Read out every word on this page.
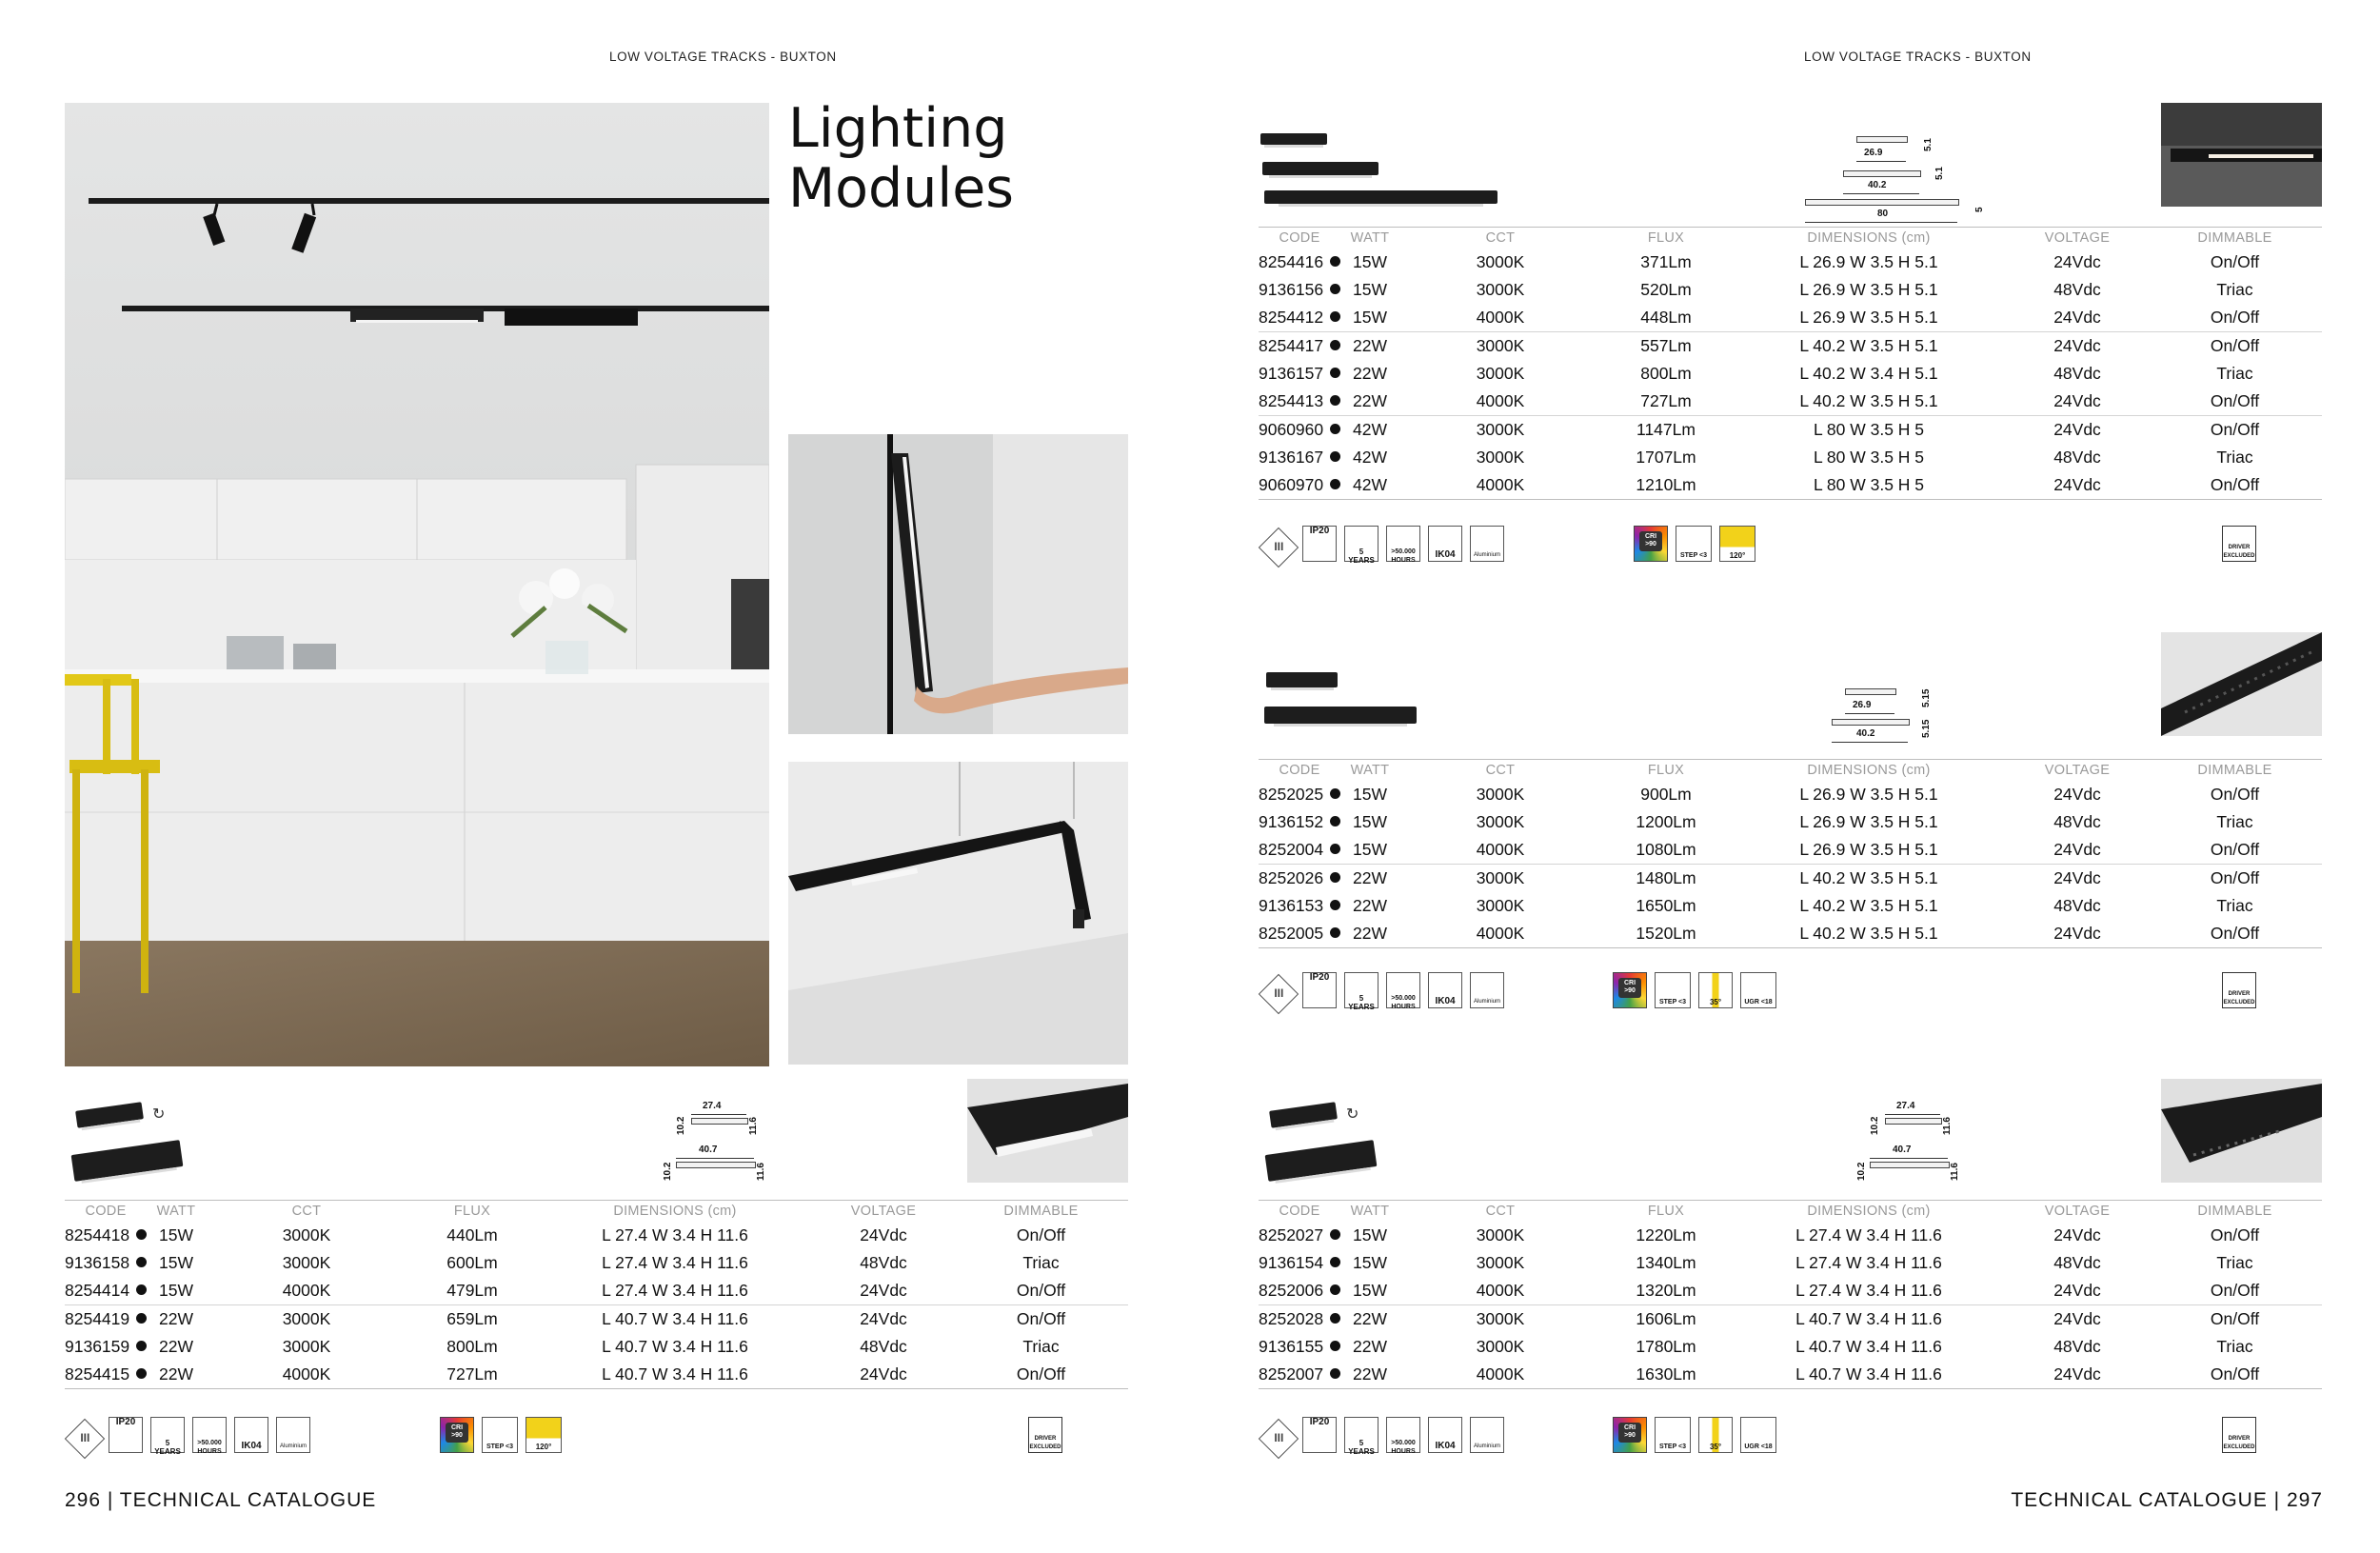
LOW VOLTAGE TRACKS - BUXTON	LOW VOLTAGE TRACKS - BUXTON
Lighting
Modules
↻
27.4
10.2	11.6
40.7
10.2	11.6
CODE	WATT	CCT	FLUX	DIMENSIONS (cm)	VOLTAGE	DIMMABLE
8254418	15W	3000K	440Lm	L 27.4 W 3.4 H 11.6	24Vdc	On/Off
9136158	15W	3000K	600Lm	L 27.4 W 3.4 H 11.6	48Vdc	Triac
8254414	15W	4000K	479Lm	L 27.4 W 3.4 H 11.6	24Vdc	On/Off
8254419	22W	3000K	659Lm	L 40.7 W 3.4 H 11.6	24Vdc	On/Off
9136159	22W	3000K	800Lm	L 40.7 W 3.4 H 11.6	48Vdc	Triac
8254415	22W	4000K	727Lm	L 40.7 W 3.4 H 11.6	24Vdc	On/Off
III
IP20
5 YEARS
>50.000 HOURS
IK04	Aluminium
CRI >90
STEP <3	120°
DRIVER EXCLUDED
296 | TECHNICAL CATALOGUE
5.1
26.9
5.1
40.2
5
80
CODE	WATT	CCT	FLUX	DIMENSIONS (cm)	VOLTAGE	DIMMABLE
8254416	15W	3000K	371Lm	L 26.9 W 3.5 H 5.1	24Vdc	On/Off
9136156	15W	3000K	520Lm	L 26.9 W 3.5 H 5.1	48Vdc	Triac
8254412	15W	4000K	448Lm	L 26.9 W 3.5 H 5.1	24Vdc	On/Off
8254417	22W	3000K	557Lm	L 40.2 W 3.5 H 5.1	24Vdc	On/Off
9136157	22W	3000K	800Lm	L 40.2 W 3.4 H 5.1	48Vdc	Triac
8254413	22W	4000K	727Lm	L 40.2 W 3.5 H 5.1	24Vdc	On/Off
9060960	42W	3000K	1147Lm	L 80 W 3.5 H 5	24Vdc	On/Off
9136167	42W	3000K	1707Lm	L 80 W 3.5 H 5	48Vdc	Triac
9060970	42W	4000K	1210Lm	L 80 W 3.5 H 5	24Vdc	On/Off
III
IP20
5 YEARS
>50.000 HOURS
IK04	Aluminium
CRI >90
STEP <3	120°
DRIVER EXCLUDED
5.15
26.9
5.15
40.2
CODE	WATT	CCT	FLUX	DIMENSIONS (cm)	VOLTAGE	DIMMABLE
8252025	15W	3000K	900Lm	L 26.9 W 3.5 H 5.1	24Vdc	On/Off
9136152	15W	3000K	1200Lm	L 26.9 W 3.5 H 5.1	48Vdc	Triac
8252004	15W	4000K	1080Lm	L 26.9 W 3.5 H 5.1	24Vdc	On/Off
8252026	22W	3000K	1480Lm	L 40.2 W 3.5 H 5.1	24Vdc	On/Off
9136153	22W	3000K	1650Lm	L 40.2 W 3.5 H 5.1	48Vdc	Triac
8252005	22W	4000K	1520Lm	L 40.2 W 3.5 H 5.1	24Vdc	On/Off
III
IP20
5 YEARS
>50.000 HOURS
IK04	Aluminium
CRI >90
STEP <3	35°	UGR <18
DRIVER EXCLUDED
↻
27.4
10.2	11.6
40.7
10.2	11.6
CODE	WATT	CCT	FLUX	DIMENSIONS (cm)	VOLTAGE	DIMMABLE
8252027	15W	3000K	1220Lm	L 27.4 W 3.4 H 11.6	24Vdc	On/Off
9136154	15W	3000K	1340Lm	L 27.4 W 3.4 H 11.6	48Vdc	Triac
8252006	15W	4000K	1320Lm	L 27.4 W 3.4 H 11.6	24Vdc	On/Off
8252028	22W	3000K	1606Lm	L 40.7 W 3.4 H 11.6	24Vdc	On/Off
9136155	22W	3000K	1780Lm	L 40.7 W 3.4 H 11.6	48Vdc	Triac
8252007	22W	4000K	1630Lm	L 40.7 W 3.4 H 11.6	24Vdc	On/Off
III
IP20
5 YEARS
>50.000 HOURS
IK04	Aluminium
CRI >90
STEP <3	35°	UGR <18
DRIVER EXCLUDED
TECHNICAL CATALOGUE | 297
